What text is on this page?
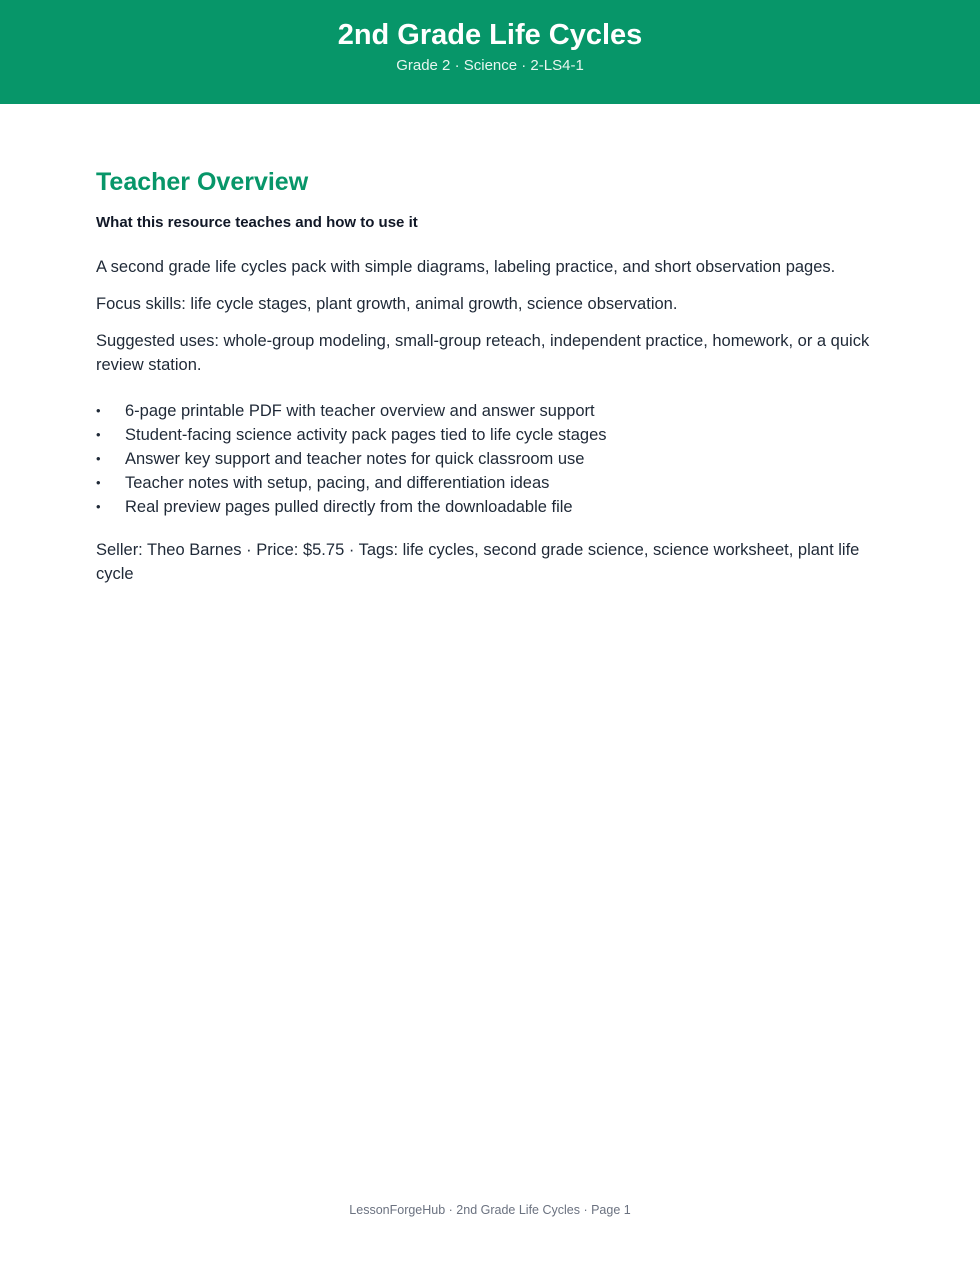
2nd Grade Life Cycles
Grade 2 · Science · 2-LS4-1
Teacher Overview
What this resource teaches and how to use it

A second grade life cycles pack with simple diagrams, labeling practice, and short observation pages.

Focus skills: life cycle stages, plant growth, animal growth, science observation.

Suggested uses: whole-group modeling, small-group reteach, independent practice, homework, or a quick review station.

• 6-page printable PDF with teacher overview and answer support
• Student-facing science activity pack pages tied to life cycle stages
• Answer key support and teacher notes for quick classroom use
• Teacher notes with setup, pacing, and differentiation ideas
• Real preview pages pulled directly from the downloadable file

Seller: Theo Barnes · Price: $5.75 · Tags: life cycles, second grade science, science worksheet, plant life cycle

LessonForgeHub · 2nd Grade Life Cycles · Page 1
